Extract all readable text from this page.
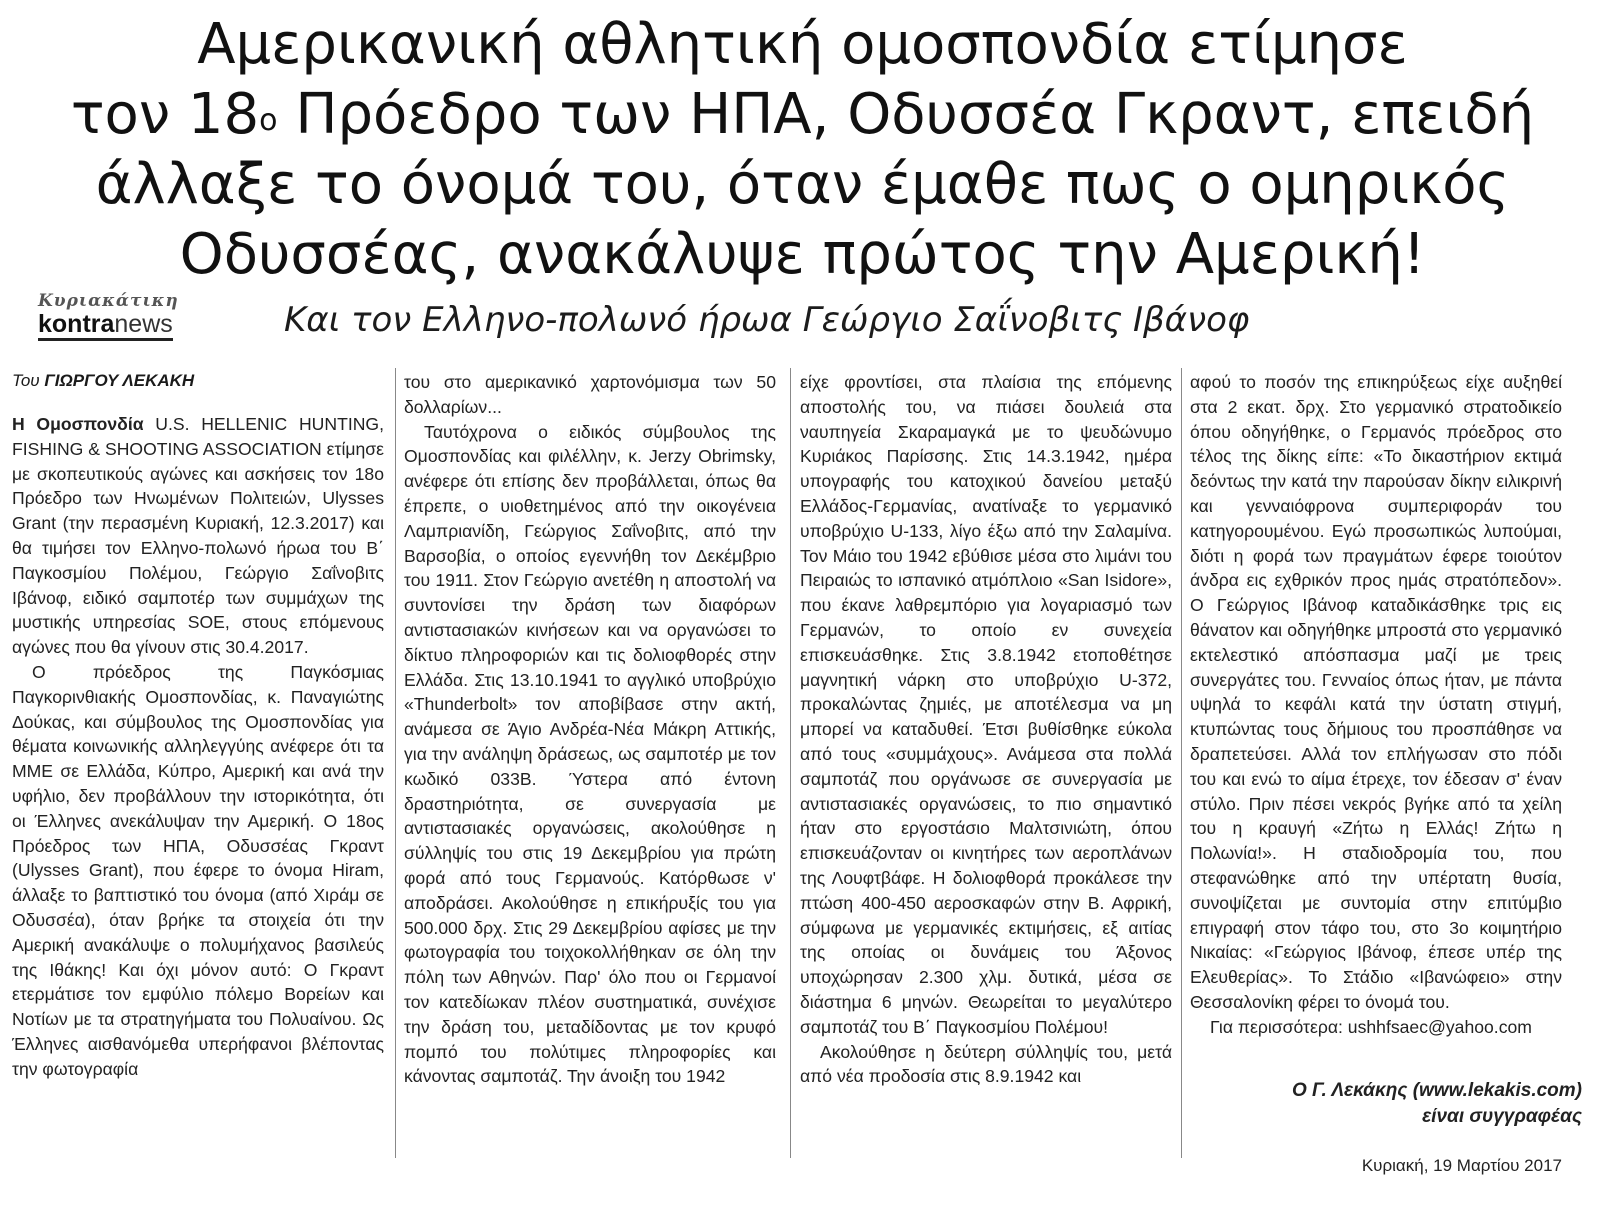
Αμερικανική αθλητική ομοσπονδία ετίμησε
τον $18^o$ Πρόεδρο των ΗΠΑ, Οδυσσέα Γκραντ, επειδή
άλλαξε το όνομά του, όταν έμαθε πως ο ομηρικός
Οδυσσέας, ανακάλυψε πρώτος την Αμερική!
Κυριακάτικη
kontranews	Και τον Ελληνο-πολωνό ήρωα Γεώργιο Σαΐνοβιτς Ιβάνοφ
Του ΓΙΩΡΓΟΥ ΛΕΚΑΚΗ

Η Ομοσπονδία U.S. HELLENIC HUNTING, FISHING & SHOOTING ASSOCIATION ετίμησε με σκοπευτικούς αγώνες και ασκήσεις τον 18ο Πρόεδρο των Ηνωμένων Πολιτειών, Ulysses Grant (την περασμένη Κυριακή, 12.3.2017) και θα τιμήσει τον Ελληνο-πολωνό ήρωα του Β΄ Παγκοσμίου Πολέμου, Γεώργιο Σαΐνοβιτς Ιβάνοφ, ειδικό σαμποτέρ των συμμάχων της μυστικής υπηρεσίας SOE, στους επόμενους αγώνες που θα γίνουν στις 30.4.2017.

Ο πρόεδρος της Παγκόσμιας Παγκορινθιακής Ομοσπονδίας, κ. Παναγιώτης Δούκας, και σύμβουλος της Ομοσπονδίας για θέματα κοινωνικής αλληλεγγύης ανέφερε ότι τα ΜΜΕ σε Ελλάδα, Κύπρο, Αμερική και ανά την υφήλιο, δεν προβάλλουν την ιστορικότητα, ότι οι Έλληνες ανεκάλυψαν την Αμερική. Ο 18ος Πρόεδρος των ΗΠΑ, Οδυσσέας Γκραντ (Ulysses Grant), που έφερε το όνομα Hiram, άλλαξε το βαπτιστικό του όνομα (από Χιράμ σε Οδυσσέα), όταν βρήκε τα στοιχεία ότι την Αμερική ανακάλυψε ο πολυμήχανος βασιλεύς της Ιθάκης! Και όχι μόνον αυτό: Ο Γκραντ ετερμάτισε τον εμφύλιο πόλεμο Βορείων και Νοτίων με τα στρατηγήματα του Πολυαίνου. Ως Έλληνες αισθανόμεθα υπερήφανοι βλέποντας την φωτογραφία

του στο αμερικανικό χαρτονόμισμα των 50 δολλαρίων...

Ταυτόχρονα ο ειδικός σύμβουλος της Ομοσπονδίας και φιλέλλην, κ. Jerzy Obrimsky, ανέφερε ότι επίσης δεν προβάλλεται, όπως θα έπρεπε, ο υιοθετημένος από την οικογένεια Λαμπριανίδη, Γεώργιος Σαΐνοβιτς, από την Βαρσοβία, ο οποίος εγεννήθη τον Δεκέμβριο του 1911. Στον Γεώργιο ανετέθη η αποστολή να συντονίσει την δράση των διαφόρων αντιστασιακών κινήσεων και να οργανώσει το δίκτυο πληροφοριών και τις δολιοφθορές στην Ελλάδα. Στις 13.10.1941 το αγγλικό υποβρύχιο «Thunderbolt» τον αποβίβασε στην ακτή, ανάμεσα σε Άγιο Ανδρέα-Νέα Μάκρη Αττικής, για την ανάληψη δράσεως, ως σαμποτέρ με τον κωδικό 033B. Ύστερα από έντονη δραστηριότητα, σε συνεργασία με αντιστασιακές οργανώσεις, ακολούθησε η σύλληψίς του στις 19 Δεκεμβρίου για πρώτη φορά από τους Γερμανούς. Κατόρθωσε ν' αποδράσει. Ακολούθησε η επικήρυξίς του για 500.000 δρχ. Στις 29 Δεκεμβρίου αφίσες με την φωτογραφία του τοιχοκολλήθηκαν σε όλη την πόλη των Αθηνών. Παρ' όλο που οι Γερμανοί τον κατεδίωκαν πλέον συστηματικά, συνέχισε την δράση του, μεταδίδοντας με τον κρυφό πομπό του πολύτιμες πληροφορίες και κάνοντας σαμποτάζ. Την άνοιξη του 1942

είχε φροντίσει, στα πλαίσια της επόμενης αποστολής του, να πιάσει δουλειά στα ναυπηγεία Σκαραμαγκά με το ψευδώνυμο Κυριάκος Παρίσσης. Στις 14.3.1942, ημέρα υπογραφής του κατοχικού δανείου μεταξύ Ελλάδος-Γερμανίας, ανατίναξε το γερμανικό υποβρύχιο U-133, λίγο έξω από την Σαλαμίνα. Τον Μάιο του 1942 εβύθισε μέσα στο λιμάνι του Πειραιώς το ισπανικό ατμόπλοιο «San Isidore», που έκανε λαθρεμπόριο για λογαριασμό των Γερμανών, το οποίο εν συνεχεία επισκευάσθηκε. Στις 3.8.1942 ετοποθέτησε μαγνητική νάρκη στο υποβρύχιο U-372, προκαλώντας ζημιές, με αποτέλεσμα να μη μπορεί να καταδυθεί. Έτσι βυθίσθηκε εύκολα από τους «συμμάχους». Ανάμεσα στα πολλά σαμποτάζ που οργάνωσε σε συνεργασία με αντιστασιακές οργανώσεις, το πιο σημαντικό ήταν στο εργοστάσιο Μαλτσινιώτη, όπου επισκευάζονταν οι κινητήρες των αεροπλάνων της Λουφτβάφε. Η δολιοφθορά προκάλεσε την πτώση 400-450 αεροσκαφών στην Β. Αφρική, σύμφωνα με γερμανικές εκτιμήσεις, εξ αιτίας της οποίας οι δυνάμεις του Άξονος υποχώρησαν 2.300 χλμ. δυτικά, μέσα σε διάστημα 6 μηνών. Θεωρείται το μεγαλύτερο σαμποτάζ του Β΄ Παγκοσμίου Πολέμου!

Ακολούθησε η δεύτερη σύλληψίς του, μετά από νέα προδοσία στις 8.9.1942 και

αφού το ποσόν της επικηρύξεως είχε αυξηθεί στα 2 εκατ. δρχ. Στο γερμανικό στρατοδικείο όπου οδηγήθηκε, ο Γερμανός πρόεδρος στο τέλος της δίκης είπε: «Το δικαστήριον εκτιμά δεόντως την κατά την παρούσαν δίκην ειλικρινή και γενναιόφρονα συμπεριφοράν του κατηγορουμένου. Εγώ προσωπικώς λυπούμαι, διότι η φορά των πραγμάτων έφερε τοιούτον άνδρα εις εχθρικόν προς ημάς στρατόπεδον». Ο Γεώργιος Ιβάνοφ καταδικάσθηκε τρις εις θάνατον και οδηγήθηκε μπροστά στο γερμανικό εκτελεστικό απόσπασμα μαζί με τρεις συνεργάτες του. Γενναίος όπως ήταν, με πάντα υψηλά το κεφάλι κατά την ύστατη στιγμή, κτυπώντας τους δήμιους του προσπάθησε να δραπετεύσει. Αλλά τον επλήγωσαν στο πόδι του και ενώ το αίμα έτρεχε, τον έδεσαν σ' έναν στύλο. Πριν πέσει νεκρός βγήκε από τα χείλη του η κραυγή «Ζήτω η Ελλάς! Ζήτω η Πολωνία!». Η σταδιοδρομία του, που στεφανώθηκε από την υπέρτατη θυσία, συνοψίζεται με συντομία στην επιτύμβιο επιγραφή στον τάφο του, στο 3ο κοιμητήριο Νικαίας: «Γεώργιος Ιβάνοφ, έπεσε υπέρ της Ελευθερίας». Το Στάδιο «Ιβανώφειο» στην Θεσσαλονίκη φέρει το όνομά του.

Για περισσότερα: ushhfsaec@yahoo.com

Ο Γ. Λεκάκης (www.lekakis.com)
είναι συγγραφέας
Κυριακή, 19 Μαρτίου 2017
